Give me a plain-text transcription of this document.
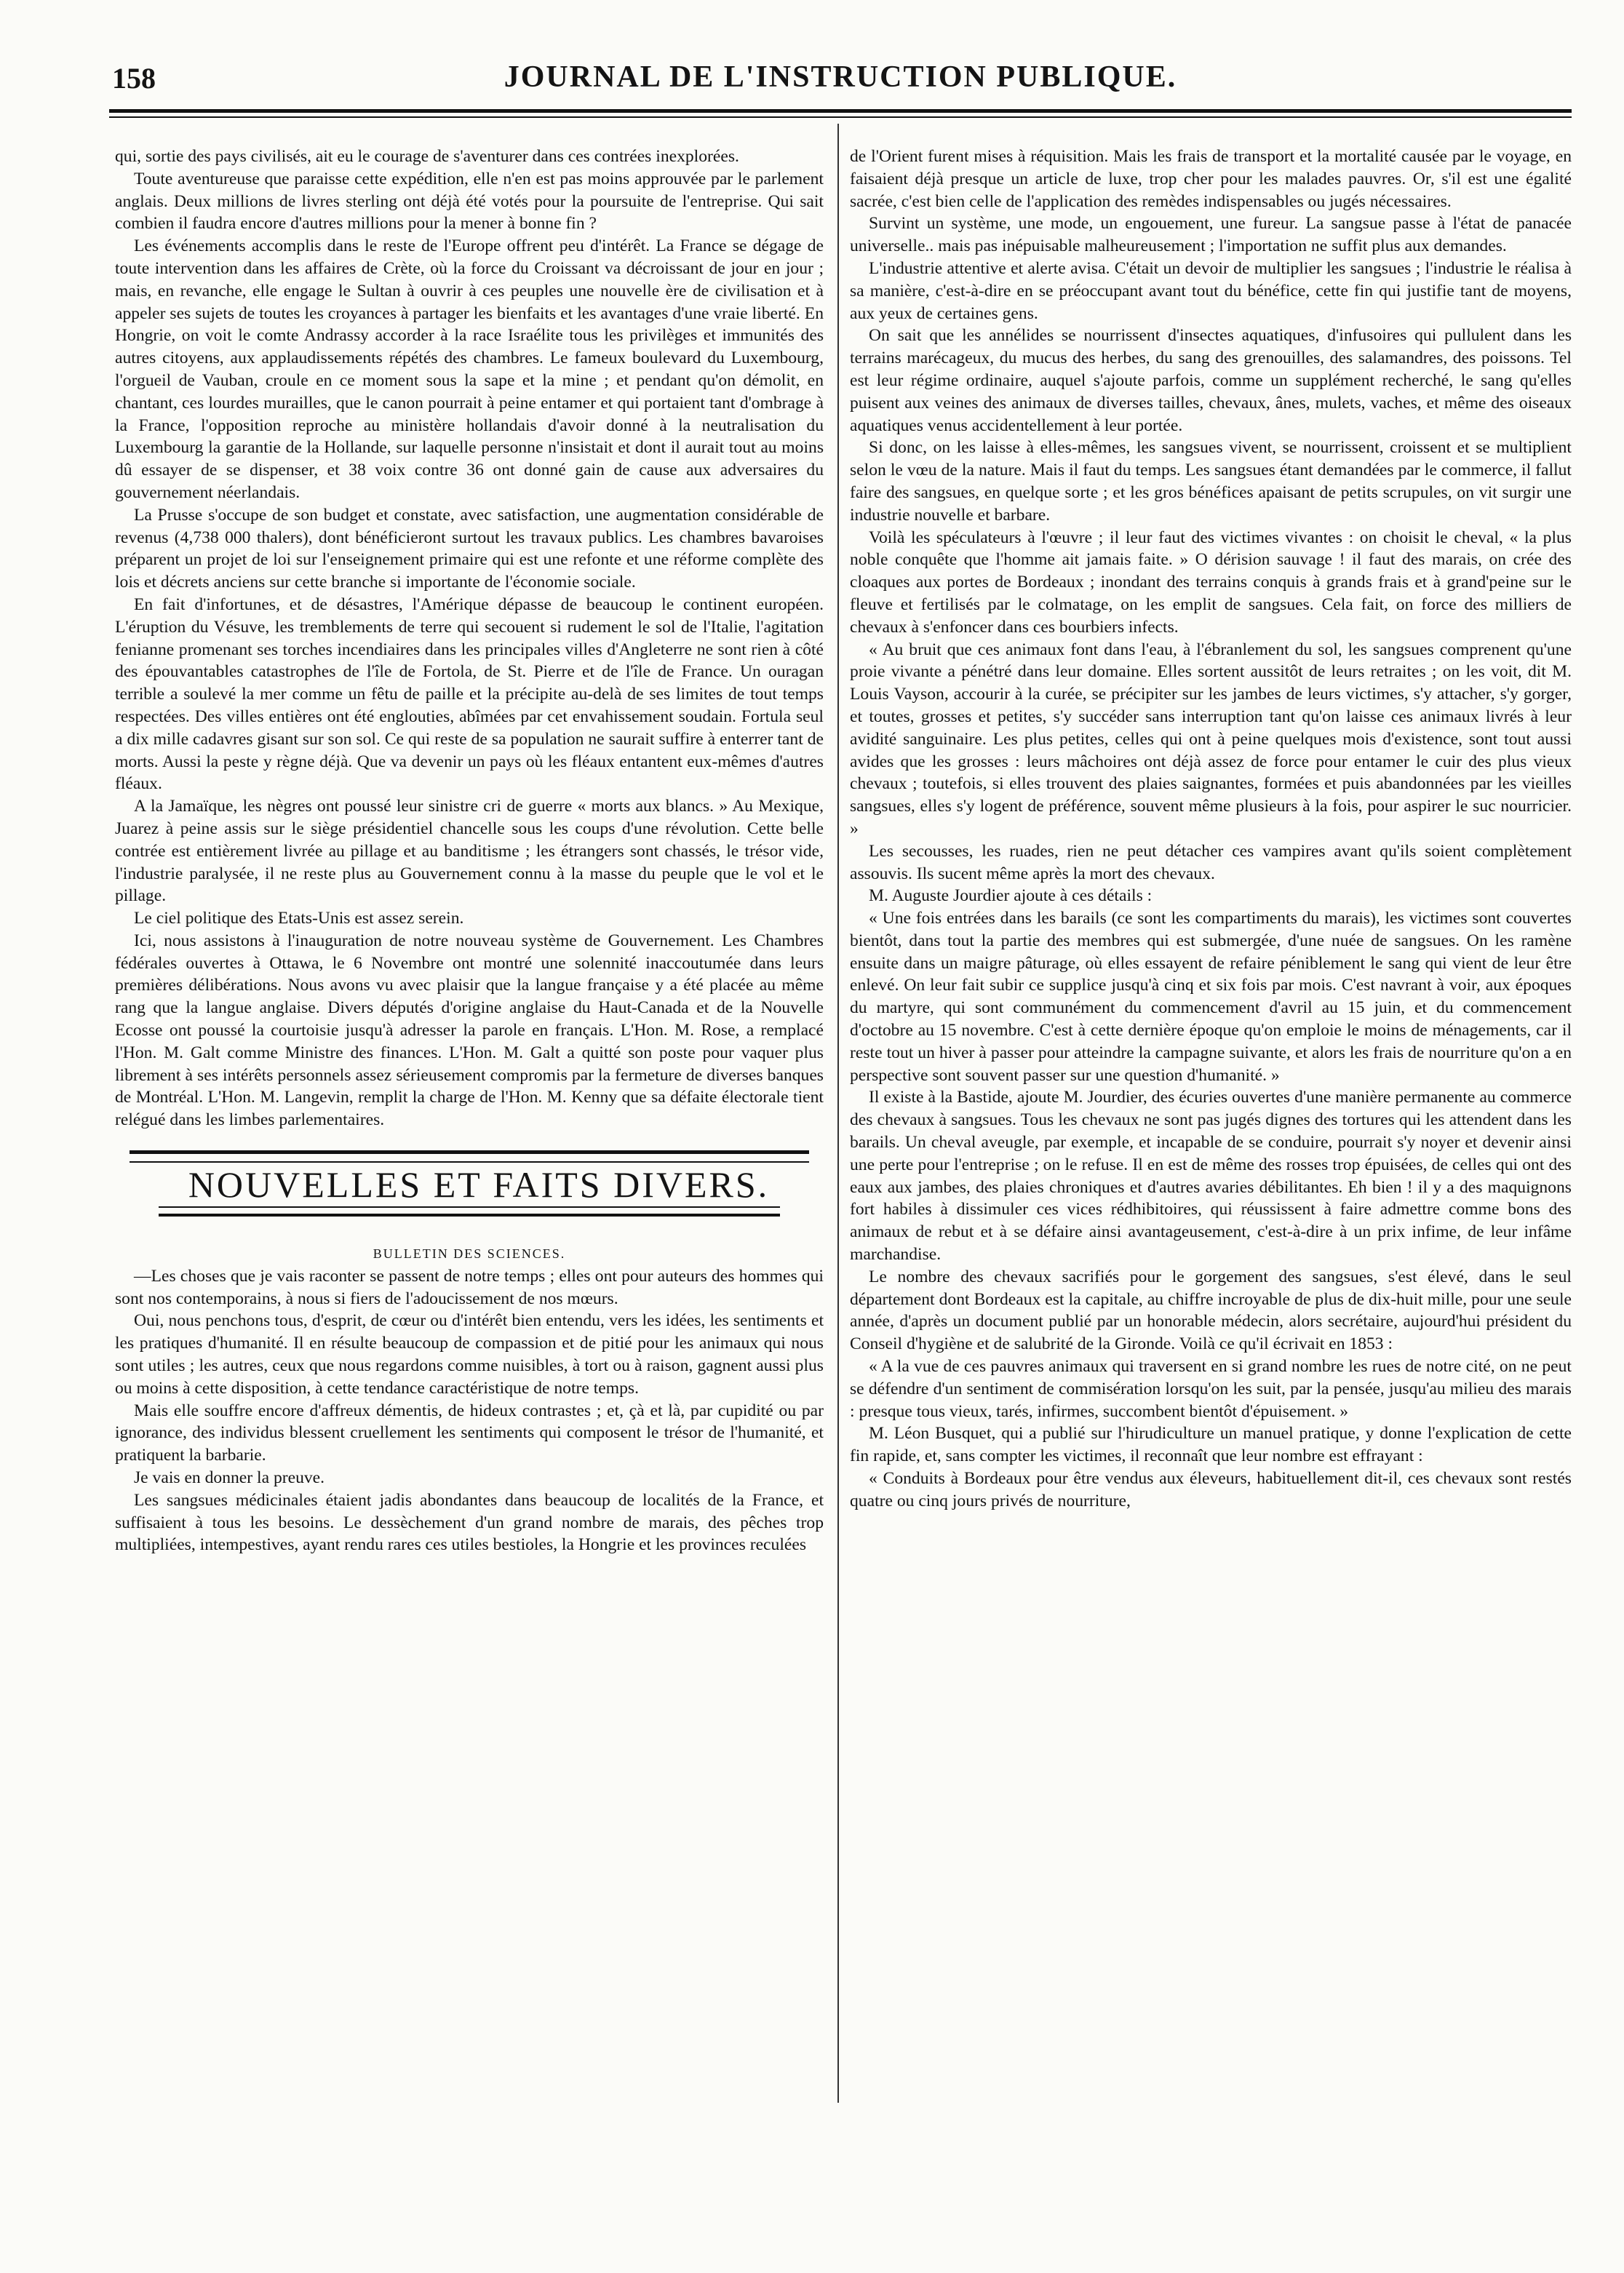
158	JOURNAL DE L'INSTRUCTION PUBLIQUE.

qui, sortie des pays civilisés, ait eu le courage de s'aventurer dans ces contrées inexplorées.

Toute aventureuse que paraisse cette expédition, elle n'en est pas moins approuvée par le parlement anglais. Deux millions de livres sterling ont déjà été votés pour la poursuite de l'entreprise. Qui sait combien il faudra encore d'autres millions pour la mener à bonne fin ?

Les événements accomplis dans le reste de l'Europe offrent peu d'intérêt. La France se dégage de toute intervention dans les affaires de Crète, où la force du Croissant va décroissant de jour en jour ; mais, en revanche, elle engage le Sultan à ouvrir à ces peuples une nouvelle ère de civilisation et à appeler ses sujets de toutes les croyances à partager les bienfaits et les avantages d'une vraie liberté. En Hongrie, on voit le comte Andrassy accorder à la race Israélite tous les privilèges et immunités des autres citoyens, aux applaudissements répétés des chambres. Le fameux boulevard du Luxembourg, l'orgueil de Vauban, croule en ce moment sous la sape et la mine ; et pendant qu'on démolit, en chantant, ces lourdes murailles, que le canon pourrait à peine entamer et qui portaient tant d'ombrage à la France, l'opposition reproche au ministère hollandais d'avoir donné à la neutralisation du Luxembourg la garantie de la Hollande, sur laquelle personne n'insistait et dont il aurait tout au moins dû essayer de se dispenser, et 38 voix contre 36 ont donné gain de cause aux adversaires du gouvernement néerlandais.

La Prusse s'occupe de son budget et constate, avec satisfaction, une augmentation considérable de revenus (4,738 000 thalers), dont bénéficieront surtout les travaux publics. Les chambres bavaroises préparent un projet de loi sur l'enseignement primaire qui est une refonte et une réforme complète des lois et décrets anciens sur cette branche si importante de l'économie sociale.

En fait d'infortunes, et de désastres, l'Amérique dépasse de beaucoup le continent européen. L'éruption du Vésuve, les tremblements de terre qui secouent si rudement le sol de l'Italie, l'agitation fenianne promenant ses torches incendiaires dans les principales villes d'Angleterre ne sont rien à côté des épouvantables catastrophes de l'île de Fortola, de St. Pierre et de l'île de France. Un ouragan terrible a soulevé la mer comme un fêtu de paille et la précipite au-delà de ses limites de tout temps respectées. Des villes entières ont été englouties, abîmées par cet envahissement soudain. Fortula seul a dix mille cadavres gisant sur son sol. Ce qui reste de sa population ne saurait suffire à enterrer tant de morts. Aussi la peste y règne déjà. Que va devenir un pays où les fléaux entantent eux-mêmes d'autres fléaux.

A la Jamaïque, les nègres ont poussé leur sinistre cri de guerre « morts aux blancs. » Au Mexique, Juarez à peine assis sur le siège présidentiel chancelle sous les coups d'une révolution. Cette belle contrée est entièrement livrée au pillage et au banditisme ; les étrangers sont chassés, le trésor vide, l'industrie paralysée, il ne reste plus au Gouvernement connu à la masse du peuple que le vol et le pillage.

Le ciel politique des Etats-Unis est assez serein.

Ici, nous assistons à l'inauguration de notre nouveau système de Gouvernement. Les Chambres fédérales ouvertes à Ottawa, le 6 Novembre ont montré une solennité inaccoutumée dans leurs premières délibérations. Nous avons vu avec plaisir que la langue française y a été placée au même rang que la langue anglaise. Divers députés d'origine anglaise du Haut-Canada et de la Nouvelle Ecosse ont poussé la courtoisie jusqu'à adresser la parole en français. L'Hon. M. Rose, a remplacé l'Hon. M. Galt comme Ministre des finances. L'Hon. M. Galt a quitté son poste pour vaquer plus librement à ses intérêts personnels assez sérieusement compromis par la fermeture de diverses banques de Montréal. L'Hon. M. Langevin, remplit la charge de l'Hon. M. Kenny que sa défaite électorale tient relégué dans les limbes parlementaires.

NOUVELLES ET FAITS DIVERS.

BULLETIN DES SCIENCES.

—Les choses que je vais raconter se passent de notre temps ; elles ont pour auteurs des hommes qui sont nos contemporains, à nous si fiers de l'adoucissement de nos mœurs.

Oui, nous penchons tous, d'esprit, de cœur ou d'intérêt bien entendu, vers les idées, les sentiments et les pratiques d'humanité. Il en résulte beaucoup de compassion et de pitié pour les animaux qui nous sont utiles ; les autres, ceux que nous regardons comme nuisibles, à tort ou à raison, gagnent aussi plus ou moins à cette disposition, à cette tendance caractéristique de notre temps.

Mais elle souffre encore d'affreux démentis, de hideux contrastes ; et, çà et là, par cupidité ou par ignorance, des individus blessent cruellement les sentiments qui composent le trésor de l'humanité, et pratiquent la barbarie.

Je vais en donner la preuve.

Les sangsues médicinales étaient jadis abondantes dans beaucoup de localités de la France, et suffisaient à tous les besoins. Le dessèchement d'un grand nombre de marais, des pêches trop multipliées, intempestives, ayant rendu rares ces utiles bestioles, la Hongrie et les provinces reculées

de l'Orient furent mises à réquisition. Mais les frais de transport et la mortalité causée par le voyage, en faisaient déjà presque un article de luxe, trop cher pour les malades pauvres. Or, s'il est une égalité sacrée, c'est bien celle de l'application des remèdes indispensables ou jugés nécessaires.

Survint un système, une mode, un engouement, une fureur. La sangsue passe à l'état de panacée universelle.. mais pas inépuisable malheureusement ; l'importation ne suffit plus aux demandes.

L'industrie attentive et alerte avisa. C'était un devoir de multiplier les sangsues ; l'industrie le réalisa à sa manière, c'est-à-dire en se préoccupant avant tout du bénéfice, cette fin qui justifie tant de moyens, aux yeux de certaines gens.

On sait que les annélides se nourrissent d'insectes aquatiques, d'infusoires qui pullulent dans les terrains marécageux, du mucus des herbes, du sang des grenouilles, des salamandres, des poissons. Tel est leur régime ordinaire, auquel s'ajoute parfois, comme un supplément recherché, le sang qu'elles puisent aux veines des animaux de diverses tailles, chevaux, ânes, mulets, vaches, et même des oiseaux aquatiques venus accidentellement à leur portée.

Si donc, on les laisse à elles-mêmes, les sangsues vivent, se nourrissent, croissent et se multiplient selon le vœu de la nature. Mais il faut du temps. Les sangsues étant demandées par le commerce, il fallut faire des sangsues, en quelque sorte ; et les gros bénéfices apaisant de petits scrupules, on vit surgir une industrie nouvelle et barbare.

Voilà les spéculateurs à l'œuvre ; il leur faut des victimes vivantes : on choisit le cheval, « la plus noble conquête que l'homme ait jamais faite. » O dérision sauvage ! il faut des marais, on crée des cloaques aux portes de Bordeaux ; inondant des terrains conquis à grands frais et à grand'peine sur le fleuve et fertilisés par le colmatage, on les emplit de sangsues. Cela fait, on force des milliers de chevaux à s'enfoncer dans ces bourbiers infects.

« Au bruit que ces animaux font dans l'eau, à l'ébranlement du sol, les sangsues comprenent qu'une proie vivante a pénétré dans leur domaine. Elles sortent aussitôt de leurs retraites ; on les voit, dit M. Louis Vayson, accourir à la curée, se précipiter sur les jambes de leurs victimes, s'y attacher, s'y gorger, et toutes, grosses et petites, s'y succéder sans interruption tant qu'on laisse ces animaux livrés à leur avidité sanguinaire. Les plus petites, celles qui ont à peine quelques mois d'existence, sont tout aussi avides que les grosses : leurs mâchoires ont déjà assez de force pour entamer le cuir des plus vieux chevaux ; toutefois, si elles trouvent des plaies saignantes, formées et puis abandonnées par les vieilles sangsues, elles s'y logent de préférence, souvent même plusieurs à la fois, pour aspirer le suc nourricier. »

Les secousses, les ruades, rien ne peut détacher ces vampires avant qu'ils soient complètement assouvis. Ils sucent même après la mort des chevaux.

M. Auguste Jourdier ajoute à ces détails :

« Une fois entrées dans les barails (ce sont les compartiments du marais), les victimes sont couvertes bientôt, dans tout la partie des membres qui est submergée, d'une nuée de sangsues. On les ramène ensuite dans un maigre pâturage, où elles essayent de refaire péniblement le sang qui vient de leur être enlevé. On leur fait subir ce supplice jusqu'à cinq et six fois par mois. C'est navrant à voir, aux époques du martyre, qui sont communément du commencement d'avril au 15 juin, et du commencement d'octobre au 15 novembre. C'est à cette dernière époque qu'on emploie le moins de ménagements, car il reste tout un hiver à passer pour atteindre la campagne suivante, et alors les frais de nourriture qu'on a en perspective sont souvent passer sur une question d'humanité. »

Il existe à la Bastide, ajoute M. Jourdier, des écuries ouvertes d'une manière permanente au commerce des chevaux à sangsues. Tous les chevaux ne sont pas jugés dignes des tortures qui les attendent dans les barails. Un cheval aveugle, par exemple, et incapable de se conduire, pourrait s'y noyer et devenir ainsi une perte pour l'entreprise ; on le refuse. Il en est de même des rosses trop épuisées, de celles qui ont des eaux aux jambes, des plaies chroniques et d'autres avaries débilitantes. Eh bien ! il y a des maquignons fort habiles à dissimuler ces vices rédhibitoires, qui réussissent à faire admettre comme bons des animaux de rebut et à se défaire ainsi avantageusement, c'est-à-dire à un prix infime, de leur infâme marchandise.

Le nombre des chevaux sacrifiés pour le gorgement des sangsues, s'est élevé, dans le seul département dont Bordeaux est la capitale, au chiffre incroyable de plus de dix-huit mille, pour une seule année, d'après un document publié par un honorable médecin, alors secrétaire, aujourd'hui président du Conseil d'hygiène et de salubrité de la Gironde. Voilà ce qu'il écrivait en 1853 :

« A la vue de ces pauvres animaux qui traversent en si grand nombre les rues de notre cité, on ne peut se défendre d'un sentiment de commisération lorsqu'on les suit, par la pensée, jusqu'au milieu des marais : presque tous vieux, tarés, infirmes, succombent bientôt d'épuisement. »

M. Léon Busquet, qui a publié sur l'hirudiculture un manuel pratique, y donne l'explication de cette fin rapide, et, sans compter les victimes, il reconnaît que leur nombre est effrayant :

« Conduits à Bordeaux pour être vendus aux éleveurs, habituellement dit-il, ces chevaux sont restés quatre ou cinq jours privés de nourriture,
